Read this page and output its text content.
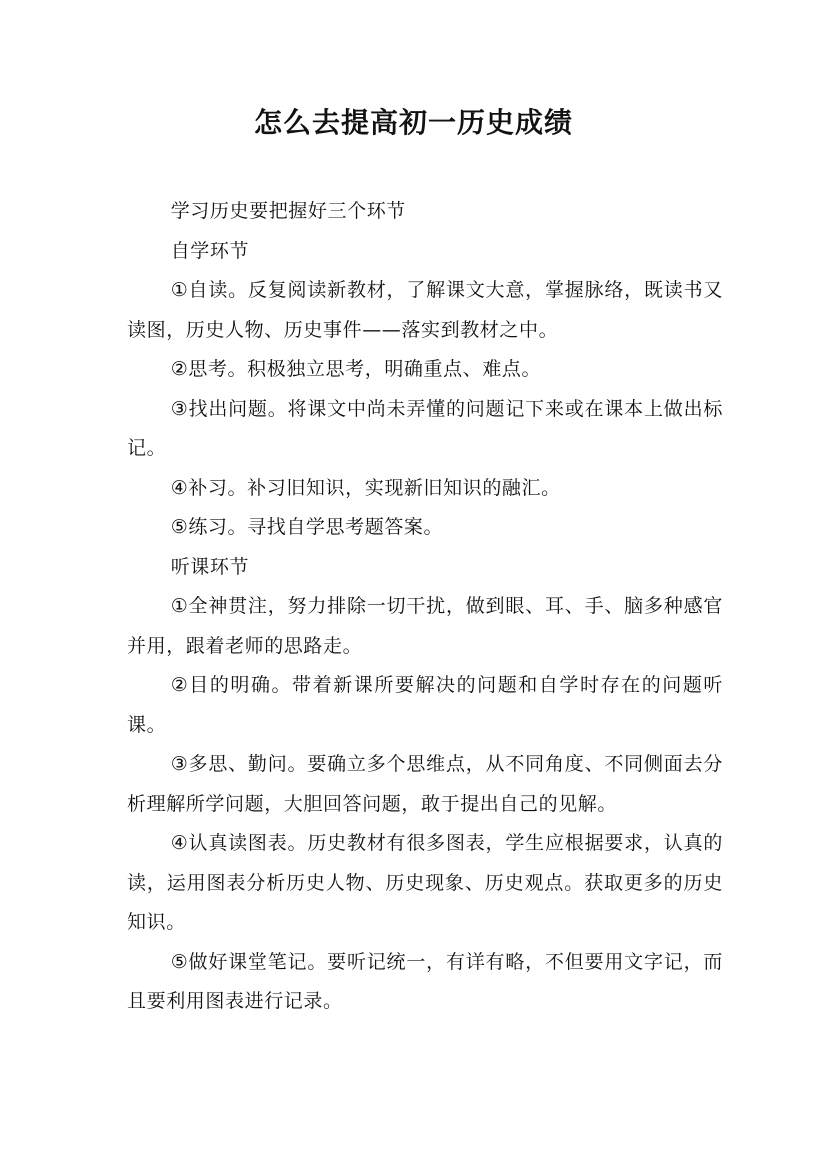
怎么去提高初一历史成绩

学习历史要把握好三个环节

自学环节

①自读。反复阅读新教材，了解课文大意，掌握脉络，既读书又读图，历史人物、历史事件——落实到教材之中。

②思考。积极独立思考，明确重点、难点。

③找出问题。将课文中尚未弄懂的问题记下来或在课本上做出标记。

④补习。补习旧知识，实现新旧知识的融汇。

⑤练习。寻找自学思考题答案。

听课环节

①全神贯注，努力排除一切干扰，做到眼、耳、手、脑多种感官并用，跟着老师的思路走。

②目的明确。带着新课所要解决的问题和自学时存在的问题听课。

③多思、勤问。要确立多个思维点，从不同角度、不同侧面去分析理解所学问题，大胆回答问题，敢于提出自己的见解。

④认真读图表。历史教材有很多图表，学生应根据要求，认真的读，运用图表分析历史人物、历史现象、历史观点。获取更多的历史知识。

⑤做好课堂笔记。要听记统一，有详有略，不但要用文字记，而且要利用图表进行记录。
